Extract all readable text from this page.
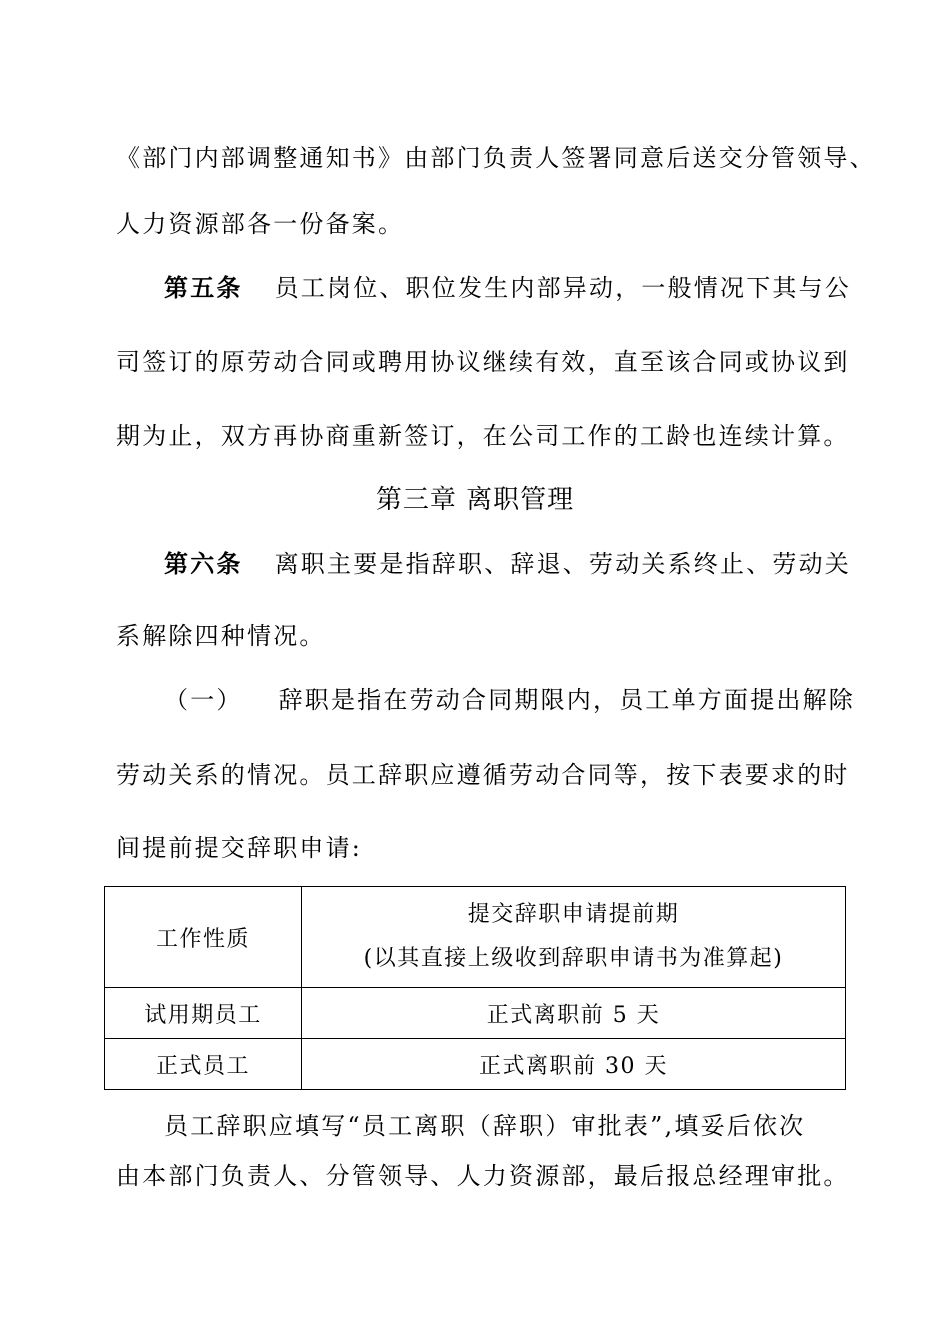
《部门内部调整通知书》由部门负责人签署同意后送交分管领导、
人力资源部各一份备案。
第五条 员工岗位、职位发生内部异动，一般情况下其与公
司签订的原劳动合同或聘用协议继续有效，直至该合同或协议到
期为止，双方再协商重新签订，在公司工作的工龄也连续计算。
第三章 离职管理
第六条 离职主要是指辞职、辞退、劳动关系终止、劳动关
系解除四种情况。
（一） 辞职是指在劳动合同期限内，员工单方面提出解除
劳动关系的情况。员工辞职应遵循劳动合同等，按下表要求的时
间提前提交辞职申请:
工作性质	提交辞职申请提前期
(以其直接上级收到辞职申请书为准算起)

试用期员工	正式离职前 5 天
正式员工	正式离职前 30 天
员工辞职应填写“员工离职（辞职）审批表”,填妥后依次
由本部门负责人、分管领导、人力资源部，最后报总经理审批。
